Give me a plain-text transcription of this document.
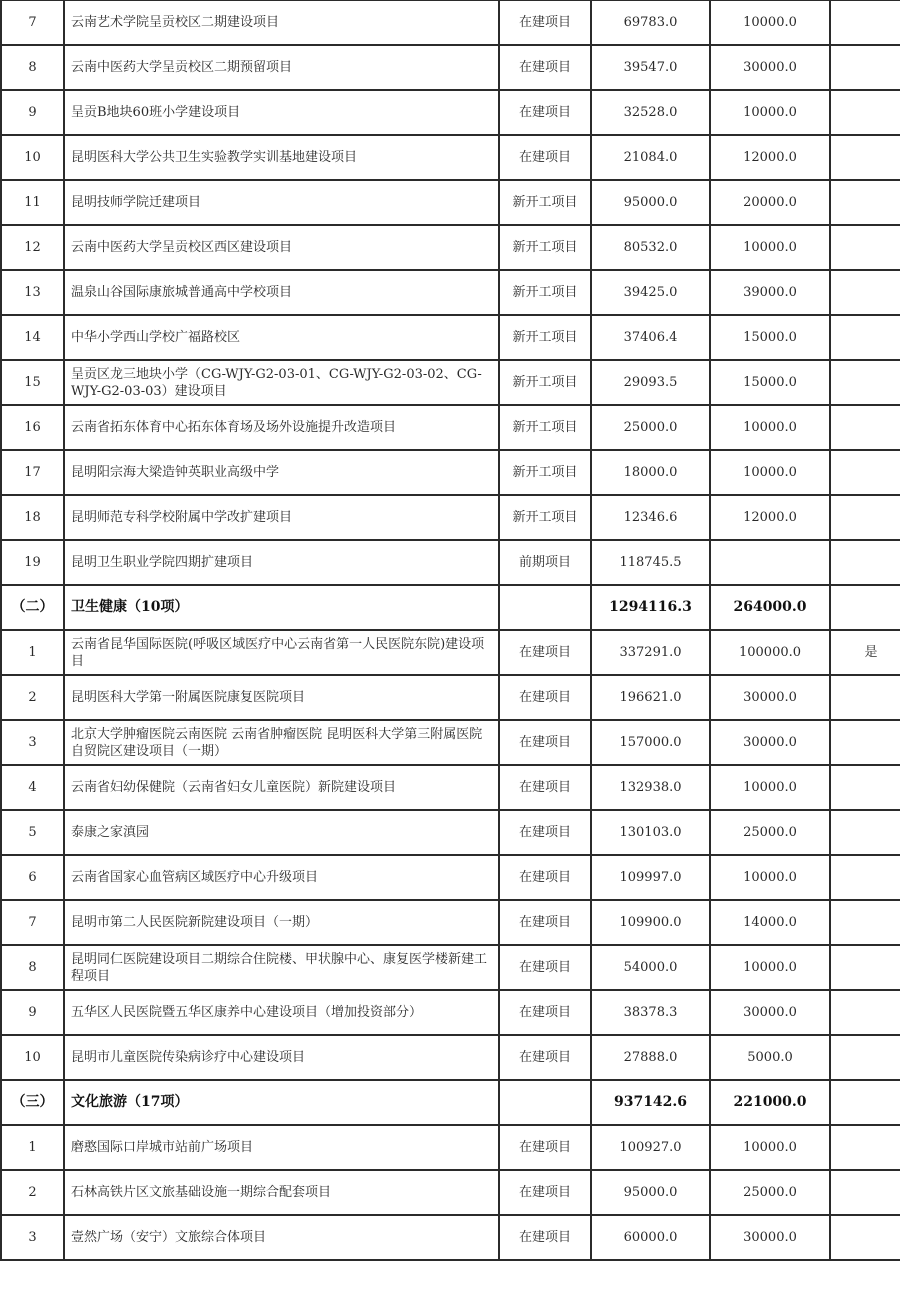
7	云南艺术学院呈贡校区二期建设项目	在建项目	69783.0	10000.0	
8	云南中医药大学呈贡校区二期预留项目	在建项目	39547.0	30000.0	
9	呈贡B地块60班小学建设项目	在建项目	32528.0	10000.0	
10	昆明医科大学公共卫生实验教学实训基地建设项目	在建项目	21084.0	12000.0	
11	昆明技师学院迁建项目	新开工项目	95000.0	20000.0	
12	云南中医药大学呈贡校区西区建设项目	新开工项目	80532.0	10000.0	
13	温泉山谷国际康旅城普通高中学校项目	新开工项目	39425.0	39000.0	
14	中华小学西山学校广福路校区	新开工项目	37406.4	15000.0	
15	呈贡区龙三地块小学（CG-WJY-G2-03-01、CG-WJY-G2-03-02、CG-WJY-G2-03-03）建设项目	新开工项目	29093.5	15000.0	
16	云南省拓东体育中心拓东体育场及场外设施提升改造项目	新开工项目	25000.0	10000.0	
17	昆明阳宗海大梁造钟英职业高级中学	新开工项目	18000.0	10000.0	
18	昆明师范专科学校附属中学改扩建项目	新开工项目	12346.6	12000.0	
19	昆明卫生职业学院四期扩建项目	前期项目	118745.5		
（二）	卫生健康（10项）		1294116.3	264000.0	
1	云南省昆华国际医院(呼吸区域医疗中心云南省第一人民医院东院)建设项目	在建项目	337291.0	100000.0	是
2	昆明医科大学第一附属医院康复医院项目	在建项目	196621.0	30000.0	
3	北京大学肿瘤医院云南医院 云南省肿瘤医院 昆明医科大学第三附属医院自贸院区建设项目（一期）	在建项目	157000.0	30000.0	
4	云南省妇幼保健院（云南省妇女儿童医院）新院建设项目	在建项目	132938.0	10000.0	
5	泰康之家滇园	在建项目	130103.0	25000.0	
6	云南省国家心血管病区域医疗中心升级项目	在建项目	109997.0	10000.0	
7	昆明市第二人民医院新院建设项目（一期）	在建项目	109900.0	14000.0	
8	昆明同仁医院建设项目二期综合住院楼、甲状腺中心、康复医学楼新建工程项目	在建项目	54000.0	10000.0	
9	五华区人民医院暨五华区康养中心建设项目（增加投资部分）	在建项目	38378.3	30000.0	
10	昆明市儿童医院传染病诊疗中心建设项目	在建项目	27888.0	5000.0	
（三）	文化旅游（17项）		937142.6	221000.0	
1	磨憨国际口岸城市站前广场项目	在建项目	100927.0	10000.0	
2	石林高铁片区文旅基础设施一期综合配套项目	在建项目	95000.0	25000.0	
3	壹然广场（安宁）文旅综合体项目	在建项目	60000.0	30000.0	
